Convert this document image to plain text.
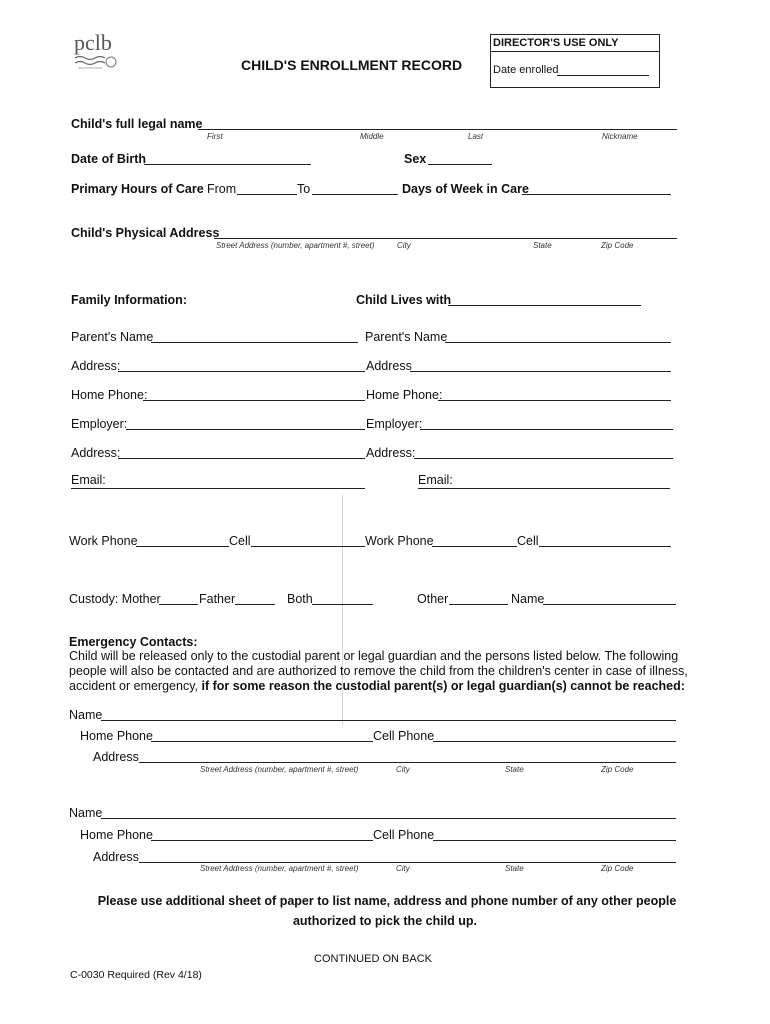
pclb
CHILD'S ENROLLMENT RECORD
DIRECTOR'S USE ONLY
Date enrolled
Child's full legal name
First	Middle	Last	Nickname
Date of Birth	Sex
Primary Hours of Care From	To	Days of Week in Care
Child's Physical Address
Street Address (number, apartment #, street)	City	State	Zip Code
Family Information:	Child Lives with
Parent's Name	Parent's Name
Address:	Address
Home Phone:	Home Phone:
Employer:	Employer:
Address:	Address:
Email:	Email:
Work Phone	Cell	Work Phone	Cell
Custody: Mother	Father	Both	Other	Name
Emergency Contacts:
Child will be released only to the custodial parent or legal guardian and the persons listed below. The following
people will also be contacted and are authorized to remove the child from the children's center in case of illness,
accident or emergency, if for some reason the custodial parent(s) or legal guardian(s) cannot be reached:
Name
Home Phone	Cell Phone
Address
Street Address (number, apartment #, street)	City	State	Zip Code
Name
Home Phone	Cell Phone
Address
Street Address (number, apartment #, street)	City	State	Zip Code
Please use additional sheet of paper to list name, address and phone number of any other people
authorized to pick the child up.
CONTINUED ON BACK
C-0030 Required (Rev 4/18)
